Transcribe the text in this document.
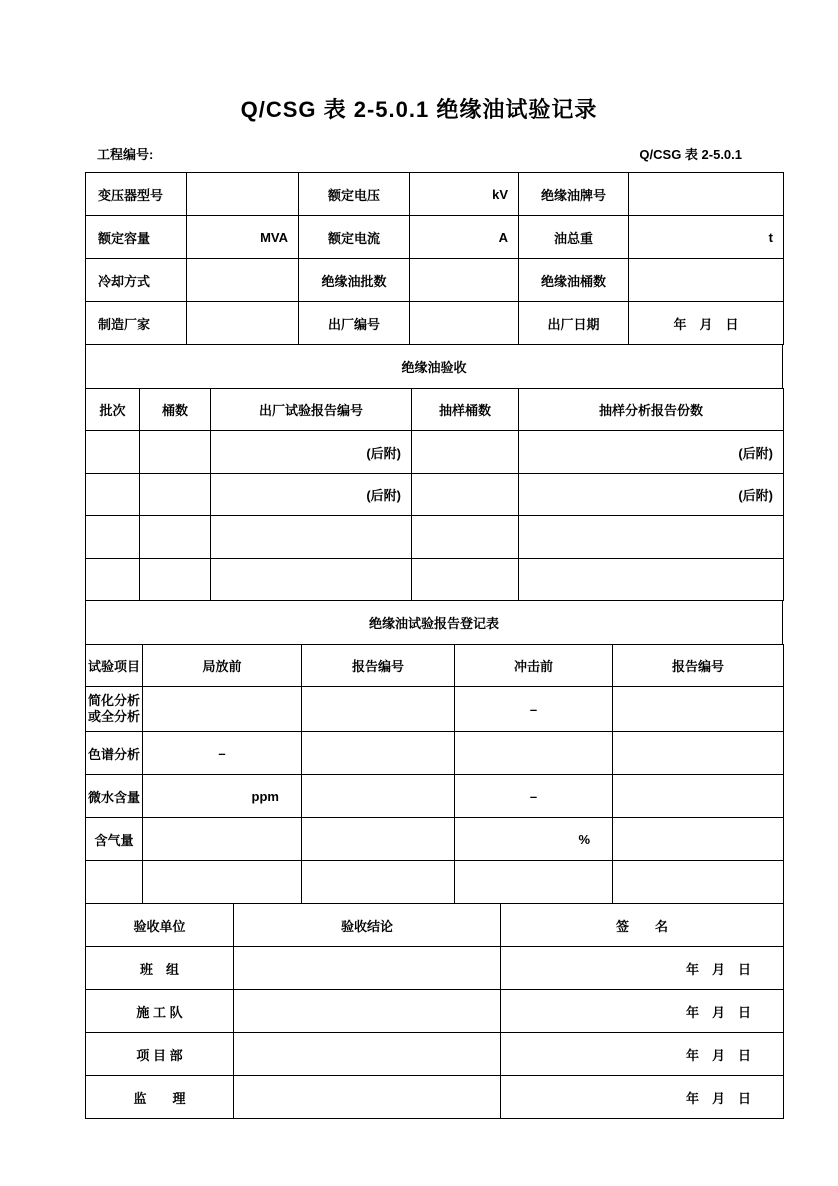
Q/CSG 表 2-5.0.1 绝缘油试验记录
工程编号:	Q/CSG 表 2-5.0.1
变压器型号		额定电压	kV	绝缘油牌号	
额定容量	MVA	额定电流	A	油总重	t
冷却方式		绝缘油批数		绝缘油桶数	
制造厂家		出厂编号		出厂日期	年　月　日
绝缘油验收
批次	桶数	出厂试验报告编号	抽样桶数	抽样分析报告份数
		(后附)		(后附)
		(后附)		(后附)

绝缘油试验报告登记表
试验项目	局放前	报告编号	冲击前	报告编号
简化分析或全分析			–	
色谱分析	–			
微水含量	ppm		–	
含气量			%	

验收单位	验收结论	签　　名
班　组		年　月　日
施 工 队		年　月　日
项 目 部		年　月　日
监　　理		年　月　日
